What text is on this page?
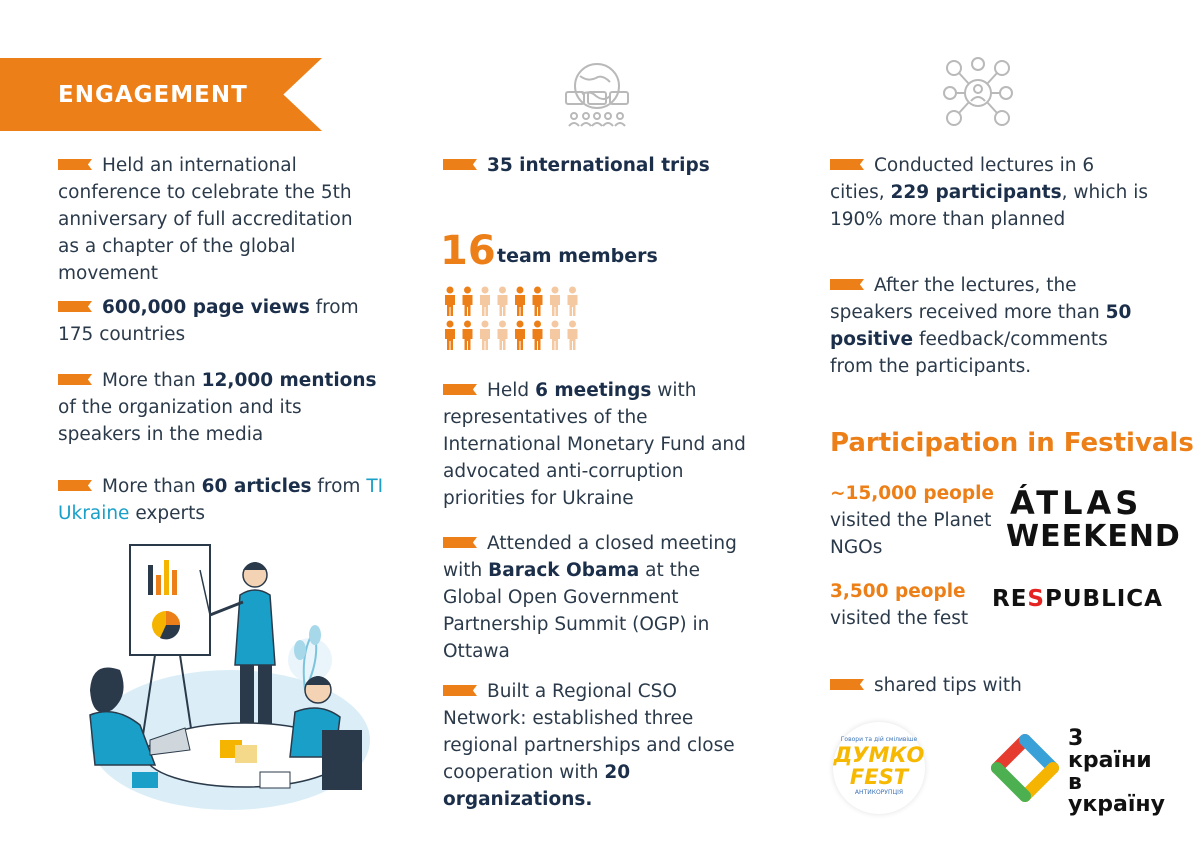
ENGAGEMENT
Held an international conference to celebrate the 5th anniversary of full accreditation as a chapter of the global movement
600,000 page views from 175 countries
More than 12,000 mentions of the organization and its speakers in the media
More than 60 articles from TI Ukraine experts
35 international trips
16 team members
Held 6 meetings with representatives of the International Monetary Fund and advocated anti-corruption priorities for Ukraine
Attended a closed meeting with Barack Obama at the Global Open Government Partnership Summit (OGP) in Ottawa
Built a Regional CSO Network: established three regional partnerships and close cooperation with 20 organizations.
Conducted lectures in 6 cities, 229 participants, which is 190% more than planned
After the lectures, the speakers received more than 50 positive feedback/comments from the participants.
Participation in Festivals
~15,000 people
visited the Planet NGOs
ÁTLAS
WEEKEND
3,500 people
visited the fest
RESPUBLICA
shared tips with
Говори та дій сміливіше
ДУМКО
FEST
АНТИКОРУПЦІЯ
3
країни
в
україну
